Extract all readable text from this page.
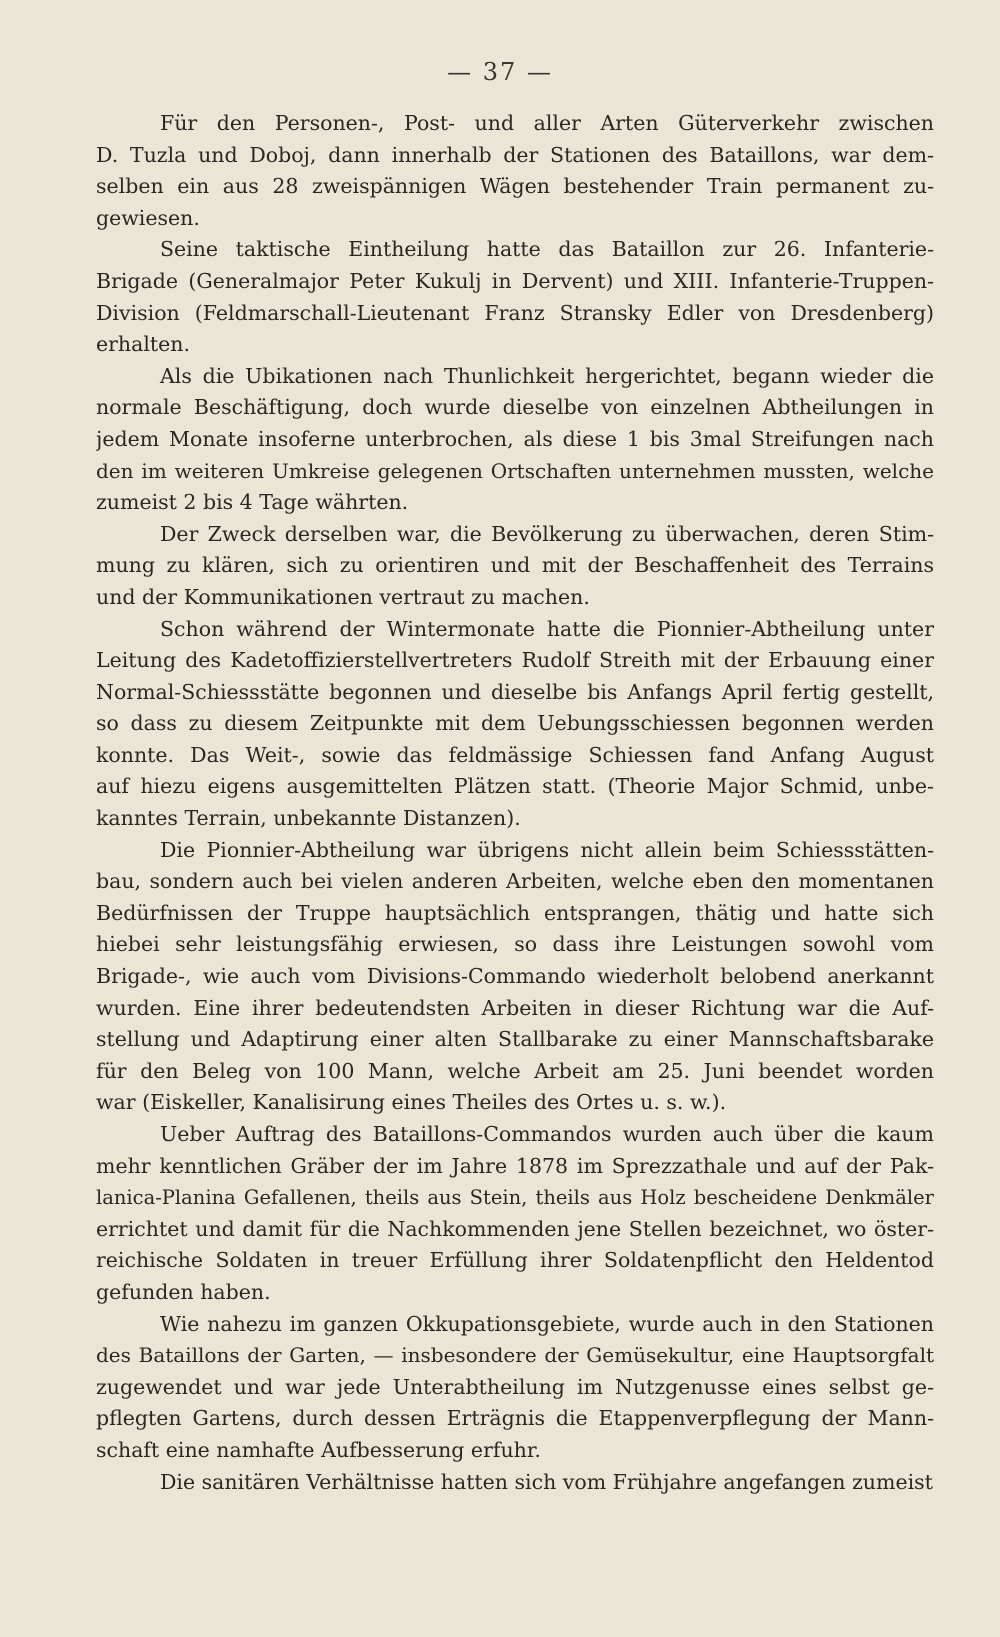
— 37 —
Für den Personen-, Post- und aller Arten Güterverkehr zwischen
D. Tuzla und Doboj, dann innerhalb der Stationen des Bataillons, war dem-
selben ein aus 28 zweispännigen Wägen bestehender Train permanent zu-
gewiesen.
Seine taktische Eintheilung hatte das Bataillon zur 26. Infanterie-
Brigade (Generalmajor Peter Kukulj in Dervent) und XIII. Infanterie-Truppen-
Division (Feldmarschall-Lieutenant Franz Stransky Edler von Dresdenberg)
erhalten.
Als die Ubikationen nach Thunlichkeit hergerichtet, begann wieder die
normale Beschäftigung, doch wurde dieselbe von einzelnen Abtheilungen in
jedem Monate insoferne unterbrochen, als diese 1 bis 3mal Streifungen nach
den im weiteren Umkreise gelegenen Ortschaften unternehmen mussten, welche
zumeist 2 bis 4 Tage währten.
Der Zweck derselben war, die Bevölkerung zu überwachen, deren Stim-
mung zu klären, sich zu orientiren und mit der Beschaffenheit des Terrains
und der Kommunikationen vertraut zu machen.
Schon während der Wintermonate hatte die Pionnier-Abtheilung unter
Leitung des Kadetoffizierstellvertreters Rudolf Streith mit der Erbauung einer
Normal-Schiessstätte begonnen und dieselbe bis Anfangs April fertig gestellt,
so dass zu diesem Zeitpunkte mit dem Uebungsschiessen begonnen werden
konnte. Das Weit-, sowie das feldmässige Schiessen fand Anfang August
auf hiezu eigens ausgemittelten Plätzen statt. (Theorie Major Schmid, unbe-
kanntes Terrain, unbekannte Distanzen).
Die Pionnier-Abtheilung war übrigens nicht allein beim Schiessstätten-
bau, sondern auch bei vielen anderen Arbeiten, welche eben den momentanen
Bedürfnissen der Truppe hauptsächlich entsprangen, thätig und hatte sich
hiebei sehr leistungsfähig erwiesen, so dass ihre Leistungen sowohl vom
Brigade-, wie auch vom Divisions-Commando wiederholt belobend anerkannt
wurden. Eine ihrer bedeutendsten Arbeiten in dieser Richtung war die Auf-
stellung und Adaptirung einer alten Stallbarake zu einer Mannschaftsbarake
für den Beleg von 100 Mann, welche Arbeit am 25. Juni beendet worden
war (Eiskeller, Kanalisirung eines Theiles des Ortes u. s. w.).
Ueber Auftrag des Bataillons-Commandos wurden auch über die kaum
mehr kenntlichen Gräber der im Jahre 1878 im Sprezzathale und auf der Pak-
lanica-Planina Gefallenen, theils aus Stein, theils aus Holz bescheidene Denkmäler
errichtet und damit für die Nachkommenden jene Stellen bezeichnet, wo öster-
reichische Soldaten in treuer Erfüllung ihrer Soldatenpflicht den Heldentod
gefunden haben.
Wie nahezu im ganzen Okkupationsgebiete, wurde auch in den Stationen
des Bataillons der Garten, — insbesondere der Gemüsekultur, eine Hauptsorgfalt
zugewendet und war jede Unterabtheilung im Nutzgenusse eines selbst ge-
pflegten Gartens, durch dessen Erträgnis die Etappenverpflegung der Mann-
schaft eine namhafte Aufbesserung erfuhr.
Die sanitären Verhältnisse hatten sich vom Frühjahre angefangen zumeist
